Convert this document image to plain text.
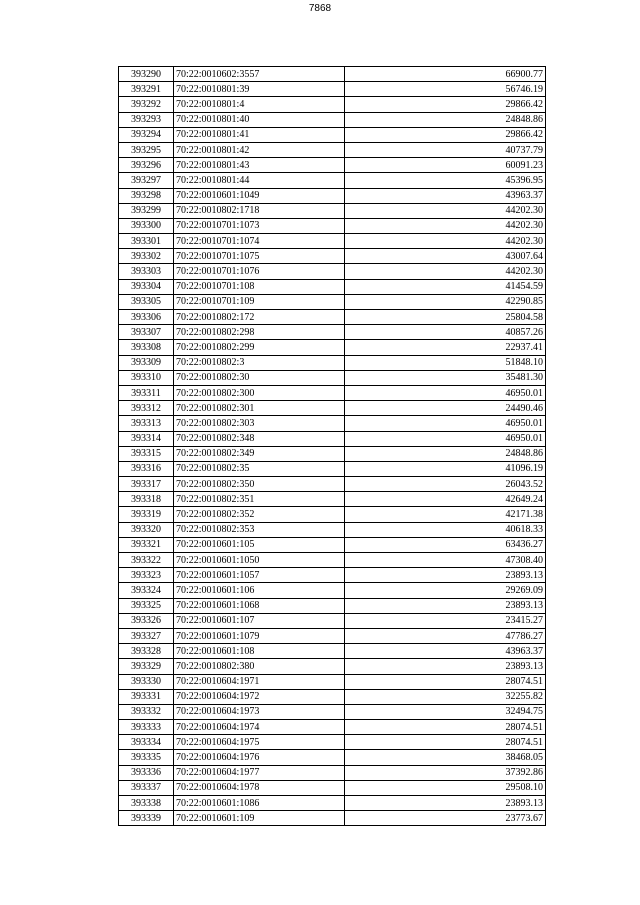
7868
393290	70:22:0010602:3557	66900.77
393291	70:22:0010801:39	56746.19
393292	70:22:0010801:4	29866.42
393293	70:22:0010801:40	24848.86
393294	70:22:0010801:41	29866.42
393295	70:22:0010801:42	40737.79
393296	70:22:0010801:43	60091.23
393297	70:22:0010801:44	45396.95
393298	70:22:0010601:1049	43963.37
393299	70:22:0010802:1718	44202.30
393300	70:22:0010701:1073	44202.30
393301	70:22:0010701:1074	44202.30
393302	70:22:0010701:1075	43007.64
393303	70:22:0010701:1076	44202.30
393304	70:22:0010701:108	41454.59
393305	70:22:0010701:109	42290.85
393306	70:22:0010802:172	25804.58
393307	70:22:0010802:298	40857.26
393308	70:22:0010802:299	22937.41
393309	70:22:0010802:3	51848.10
393310	70:22:0010802:30	35481.30
393311	70:22:0010802:300	46950.01
393312	70:22:0010802:301	24490.46
393313	70:22:0010802:303	46950.01
393314	70:22:0010802:348	46950.01
393315	70:22:0010802:349	24848.86
393316	70:22:0010802:35	41096.19
393317	70:22:0010802:350	26043.52
393318	70:22:0010802:351	42649.24
393319	70:22:0010802:352	42171.38
393320	70:22:0010802:353	40618.33
393321	70:22:0010601:105	63436.27
393322	70:22:0010601:1050	47308.40
393323	70:22:0010601:1057	23893.13
393324	70:22:0010601:106	29269.09
393325	70:22:0010601:1068	23893.13
393326	70:22:0010601:107	23415.27
393327	70:22:0010601:1079	47786.27
393328	70:22:0010601:108	43963.37
393329	70:22:0010802:380	23893.13
393330	70:22:0010604:1971	28074.51
393331	70:22:0010604:1972	32255.82
393332	70:22:0010604:1973	32494.75
393333	70:22:0010604:1974	28074.51
393334	70:22:0010604:1975	28074.51
393335	70:22:0010604:1976	38468.05
393336	70:22:0010604:1977	37392.86
393337	70:22:0010604:1978	29508.10
393338	70:22:0010601:1086	23893.13
393339	70:22:0010601:109	23773.67
